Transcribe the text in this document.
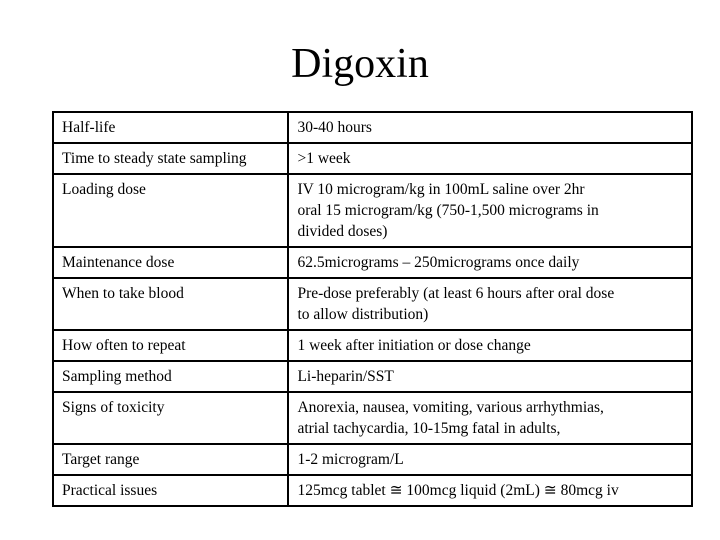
Digoxin
Half-life	30-40 hours

Time to steady state sampling	>1 week

Loading dose	IV 10 microgram/kg in 100mL saline over 2hr
oral 15 microgram/kg (750-1,500 micrograms in
divided doses)

Maintenance dose	62.5micrograms – 250micrograms once daily

When to take blood	Pre-dose preferably (at least 6 hours after oral dose
to allow distribution)

How often to repeat	1 week after initiation or dose change

Sampling method	Li-heparin/SST

Signs of toxicity	Anorexia, nausea, vomiting, various arrhythmias,
atrial tachycardia, 10-15mg fatal in adults,

Target range	1-2 microgram/L

Practical issues	125mcg tablet ≅ 100mcg liquid (2mL) ≅ 80mcg iv
